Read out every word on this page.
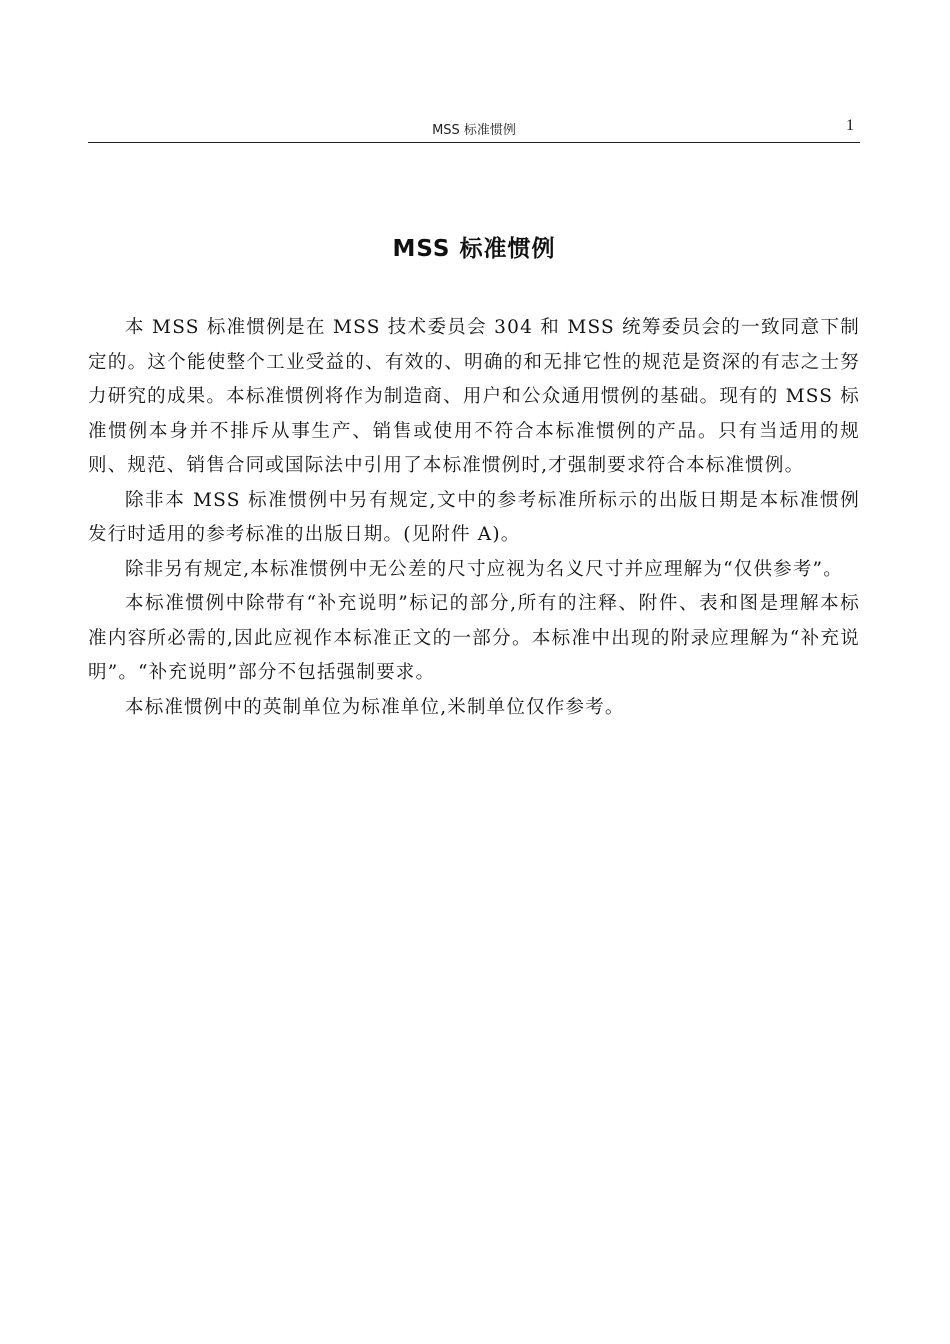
MSS 标准惯例	1
MSS 标准惯例

本 MSS 标准惯例是在 MSS 技术委员会 304 和 MSS 统筹委员会的一致同意下制定的。这个能使整个工业受益的、有效的、明确的和无排它性的规范是资深的有志之士努力研究的成果。本标准惯例将作为制造商、用户和公众通用惯例的基础。现有的 MSS 标准惯例本身并不排斥从事生产、销售或使用不符合本标准惯例的产品。只有当适用的规则、规范、销售合同或国际法中引用了本标准惯例时,才强制要求符合本标准惯例。

除非本 MSS 标准惯例中另有规定,文中的参考标准所标示的出版日期是本标准惯例发行时适用的参考标准的出版日期。(见附件 A)。

除非另有规定,本标准惯例中无公差的尺寸应视为名义尺寸并应理解为“仅供参考”。

本标准惯例中除带有“补充说明”标记的部分,所有的注释、附件、表和图是理解本标准内容所必需的,因此应视作本标准正文的一部分。本标准中出现的附录应理解为“补充说明”。“补充说明”部分不包括强制要求。

本标准惯例中的英制单位为标准单位,米制单位仅作参考。
